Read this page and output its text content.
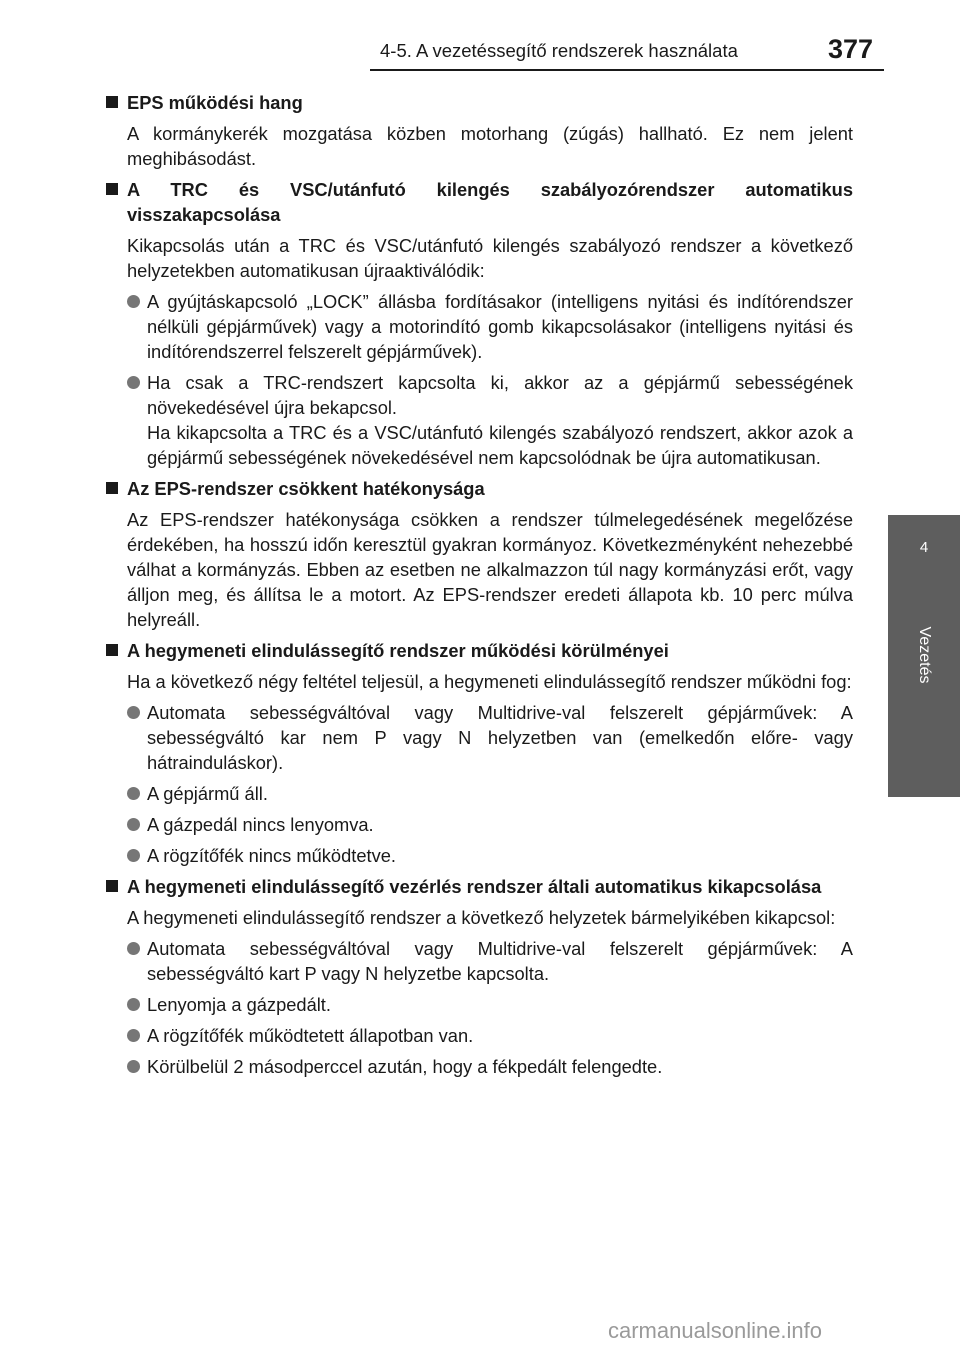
4-5. A vezetéssegítő rendszerek használata	377
4
Vezetés
EPS működési hang

A kormánykerék mozgatása közben motorhang (zúgás) hallható. Ez nem jelent meghibásodást.

A TRC és VSC/utánfutó kilengés szabályozórendszer automatikus visszakapcsolása

Kikapcsolás után a TRC és VSC/utánfutó kilengés szabályozó rendszer a következő helyzetekben automatikusan újraaktiválódik:

A gyújtáskapcsoló „LOCK” állásba fordításakor (intelligens nyitási és indítórendszer nélküli gépjárművek) vagy a motorindító gomb kikapcsolásakor (intelligens nyitási és indítórendszerrel felszerelt gépjárművek).

Ha csak a TRC-rendszert kapcsolta ki, akkor az a gépjármű sebességének növekedésével újra bekapcsol.

Ha kikapcsolta a TRC és a VSC/utánfutó kilengés szabályozó rendszert, akkor azok a gépjármű sebességének növekedésével nem kapcsolódnak be újra automatikusan.

Az EPS-rendszer csökkent hatékonysága

Az EPS-rendszer hatékonysága csökken a rendszer túlmelegedésének megelőzése érdekében, ha hosszú időn keresztül gyakran kormányoz. Következményként nehezebbé válhat a kormányzás. Ebben az esetben ne alkalmazzon túl nagy kormányzási erőt, vagy álljon meg, és állítsa le a motort. Az EPS-rendszer eredeti állapota kb. 10 perc múlva helyreáll.

A hegymeneti elindulássegítő rendszer működési körülményei

Ha a következő négy feltétel teljesül, a hegymeneti elindulássegítő rendszer működni fog:

Automata sebességváltóval vagy Multidrive-val felszerelt gépjárművek: A sebességváltó kar nem P vagy N helyzetben van (emelkedőn előre- vagy hátrainduláskor).

A gépjármű áll.

A gázpedál nincs lenyomva.

A rögzítőfék nincs működtetve.

A hegymeneti elindulássegítő vezérlés rendszer általi automatikus kikapcsolása

A hegymeneti elindulássegítő rendszer a következő helyzetek bármelyikében kikapcsol:

Automata sebességváltóval vagy Multidrive-val felszerelt gépjárművek: A sebességváltó kart P vagy N helyzetbe kapcsolta.

Lenyomja a gázpedált.

A rögzítőfék működtetett állapotban van.

Körülbelül 2 másodperccel azután, hogy a fékpedált felengedte.

carmanualsonline.info
